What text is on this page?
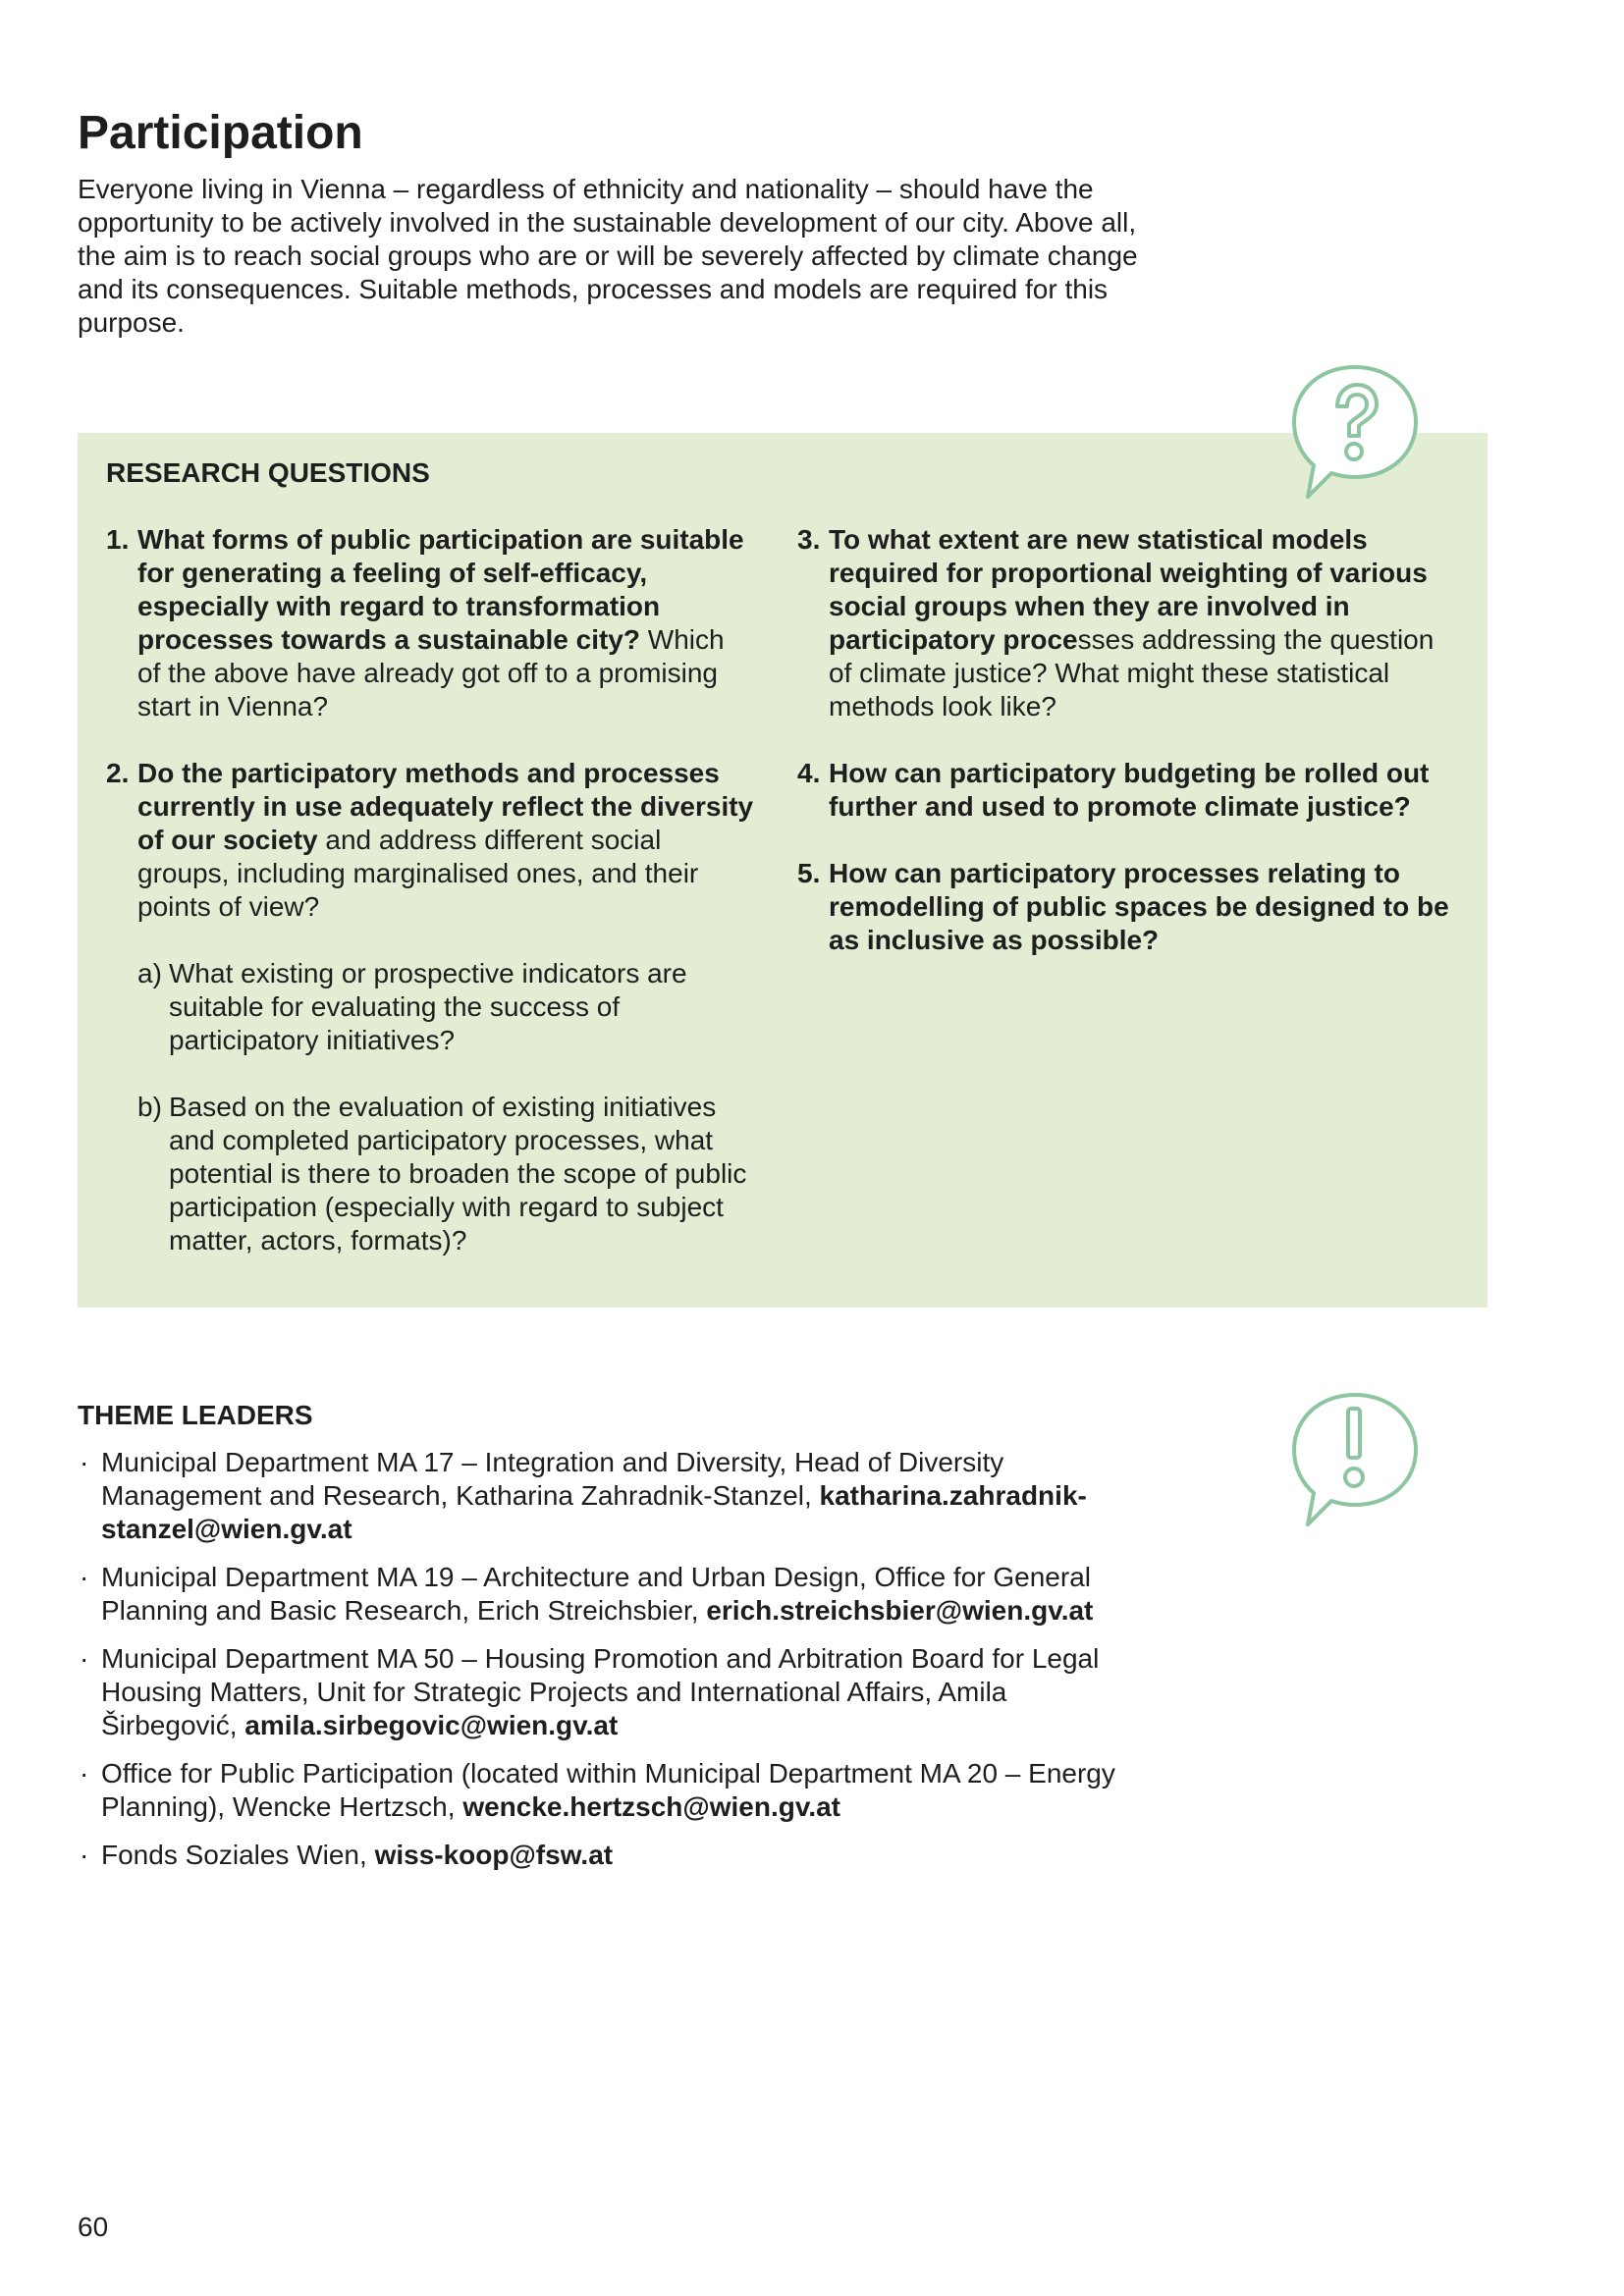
Participation

Everyone living in Vienna – regardless of ethnicity and nationality – should have the opportunity to be actively involved in the sustainable development of our city. Above all, the aim is to reach social groups who are or will be severely affected by climate change and its consequences. Suitable methods, processes and models are required for this purpose.

RESEARCH QUESTIONS
1. What forms of public participation are suitable for generating a feeling of self-efficacy, especially with regard to transformation processes towards a sustainable city? Which of the above have already got off to a promising start in Vienna?
2. Do the participatory methods and processes currently in use adequately reflect the diversity of our society and address different social groups, including marginalised ones, and their points of view?
a) What existing or prospective indicators are suitable for evaluating the success of participatory initiatives?
b) Based on the evaluation of existing initiatives and completed participatory processes, what potential is there to broaden the scope of public participation (especially with regard to subject matter, actors, formats)?
3. To what extent are new statistical models required for proportional weighting of various social groups when they are involved in participatory processes addressing the question of climate justice? What might these statistical methods look like?
4. How can participatory budgeting be rolled out further and used to promote climate justice?
5. How can participatory processes relating to remodelling of public spaces be designed to be as inclusive as possible?
THEME LEADERS
· Municipal Department MA 17 – Integration and Diversity, Head of Diversity Management and Research, Katharina Zahradnik-Stanzel, katharina.zahradnik-stanzel@wien.gv.at
· Municipal Department MA 19 – Architecture and Urban Design, Office for General Planning and Basic Research, Erich Streichsbier, erich.streichsbier@wien.gv.at
· Municipal Department MA 50 – Housing Promotion and Arbitration Board for Legal Housing Matters, Unit for Strategic Projects and International Affairs, Amila Širbegović, amila.sirbegovic@wien.gv.at
· Office for Public Participation (located within Municipal Department MA 20 – Energy Planning), Wencke Hertzsch, wencke.hertzsch@wien.gv.at
· Fonds Soziales Wien, wiss-koop@fsw.at
60
